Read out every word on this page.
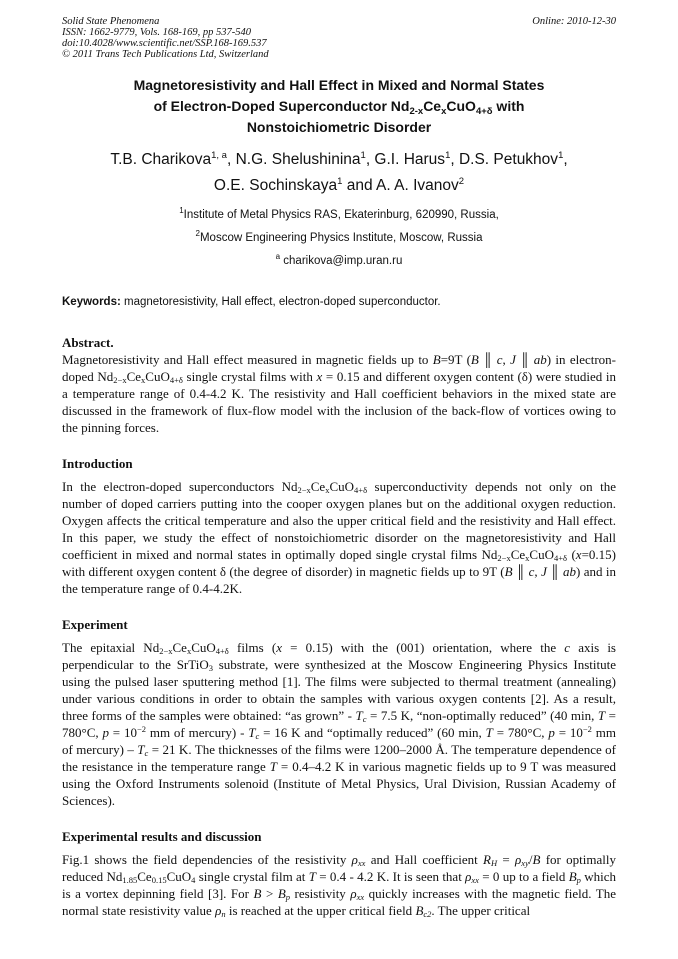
Solid State Phenomena
ISSN: 1662-9779, Vols. 168-169, pp 537-540
doi:10.4028/www.scientific.net/SSP.168-169.537
© 2011 Trans Tech Publications Ltd, Switzerland
Online: 2010-12-30
Magnetoresistivity and Hall Effect in Mixed and Normal States
of Electron-Doped Superconductor $Nd_{2-x}Ce_xCuO_{4+\delta}$ with
Nonstoichiometric Disorder
T.B. Charikova$^{1, a}$, N.G. Shelushinina$^1$, G.I. Harus$^1$, D.S. Petukhov$^1$,
O.E. Sochinskaya$^1$ and A. A. Ivanov$^2$
$^1$Institute of Metal Physics RAS, Ekaterinburg, 620990, Russia,
$^2$Moscow Engineering Physics Institute, Moscow, Russia
$^a$ charikova@imp.uran.ru
Keywords: magnetoresistivity, Hall effect, electron-doped superconductor.
Abstract.
Magnetoresistivity and Hall effect measured in magnetic fields up to B=9T (B ║ c, J ║ ab) in electron-doped $Nd_{2-x}Ce_xCuO_{4+\delta}$ single crystal films with x = 0.15 and different oxygen content (δ) were studied in a temperature range of 0.4-4.2 K. The resistivity and Hall coefficient behaviors in the mixed state are discussed in the framework of flux-flow model with the inclusion of the back-flow of vortices owing to the pinning forces.
Introduction
In the electron-doped superconductors $Nd_{2-x}Ce_xCuO_{4+\delta}$ superconductivity depends not only on the number of doped carriers putting into the cooper oxygen planes but on the additional oxygen reduction. Oxygen affects the critical temperature and also the upper critical field and the resistivity and Hall effect. In this paper, we study the effect of nonstoichiometric disorder on the magnetoresistivity and Hall coefficient in mixed and normal states in optimally doped single crystal films $Nd_{2-x}Ce_xCuO_{4+\delta}$ (x=0.15) with different oxygen content δ (the degree of disorder) in magnetic fields up to 9T (B ║ c, J ║ ab) and in the temperature range of 0.4-4.2K.
Experiment
The epitaxial $Nd_{2-x}Ce_xCuO_{4+\delta}$ films (x = 0.15) with the (001) orientation, where the c axis is perpendicular to the SrTiO$_3$ substrate, were synthesized at the Moscow Engineering Physics Institute using the pulsed laser sputtering method [1]. The films were subjected to thermal treatment (annealing) under various conditions in order to obtain the samples with various oxygen contents [2]. As a result, three forms of the samples were obtained: “as grown” - $T_c = 7.5$ K, “non-optimally reduced” (40 min, T = 780°C, $p = 10^{-2}$ mm of mercury) - $T_c = 16$ K and “optimally reduced” (60 min, T = 780°C, $p = 10^{-2}$ mm of mercury) – $T_c = 21$ K. The thicknesses of the films were 1200–2000 Å. The temperature dependence of the resistance in the temperature range T = 0.4–4.2 K in various magnetic fields up to 9 T was measured using the Oxford Instruments solenoid (Institute of Metal Physics, Ural Division, Russian Academy of Sciences).
Experimental results and discussion
Fig.1 shows the field dependencies of the resistivity $\rho_{xx}$ and Hall coefficient $R_H = \rho_{xy}/B$ for optimally reduced $Nd_{1.85}Ce_{0.15}CuO_4$ single crystal film at T = 0.4 - 4.2 K. It is seen that $\rho_{xx} = 0$ up to a field $B_p$ which is a vortex depinning field [3]. For $B > B_p$ resistivity $\rho_{xx}$ quickly increases with the magnetic field. The normal state resistivity value $\rho_n$ is reached at the upper critical field $B_{c2}$. The upper critical
